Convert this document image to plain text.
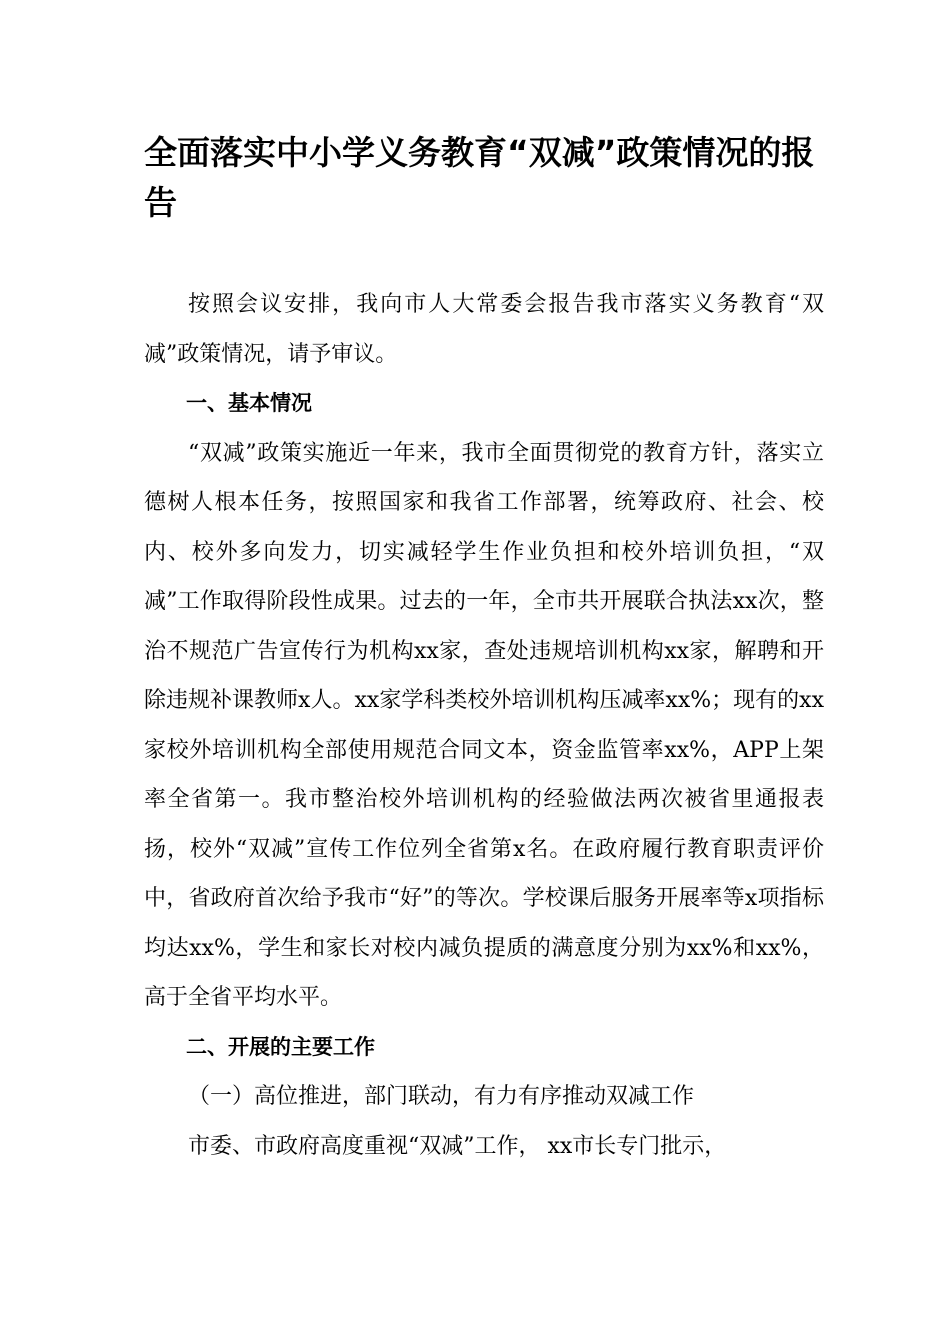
全面落实中小学义务教育“双减”政策情况的报告

按照会议安排，我向市人大常委会报告我市落实义务教育“双减”政策情况，请予审议。

一、基本情况

“双减”政策实施近一年来，我市全面贯彻党的教育方针，落实立德树人根本任务，按照国家和我省工作部署，统筹政府、社会、校内、校外多向发力，切实减轻学生作业负担和校外培训负担，“双减”工作取得阶段性成果。过去的一年，全市共开展联合执法xx次，整治不规范广告宣传行为机构xx家，查处违规培训机构xx家，解聘和开除违规补课教师x人。xx家学科类校外培训机构压减率xx%；现有的xx家校外培训机构全部使用规范合同文本，资金监管率xx%，APP上架率全省第一。我市整治校外培训机构的经验做法两次被省里通报表扬，校外“双减”宣传工作位列全省第x名。在政府履行教育职责评价中，省政府首次给予我市“好”的等次。学校课后服务开展率等x项指标均达xx%，学生和家长对校内减负提质的满意度分别为xx%和xx%，高于全省平均水平。

二、开展的主要工作

（一）高位推进，部门联动，有力有序推动双减工作

市委、市政府高度重视“双减”工作， xx市长专门批示，
